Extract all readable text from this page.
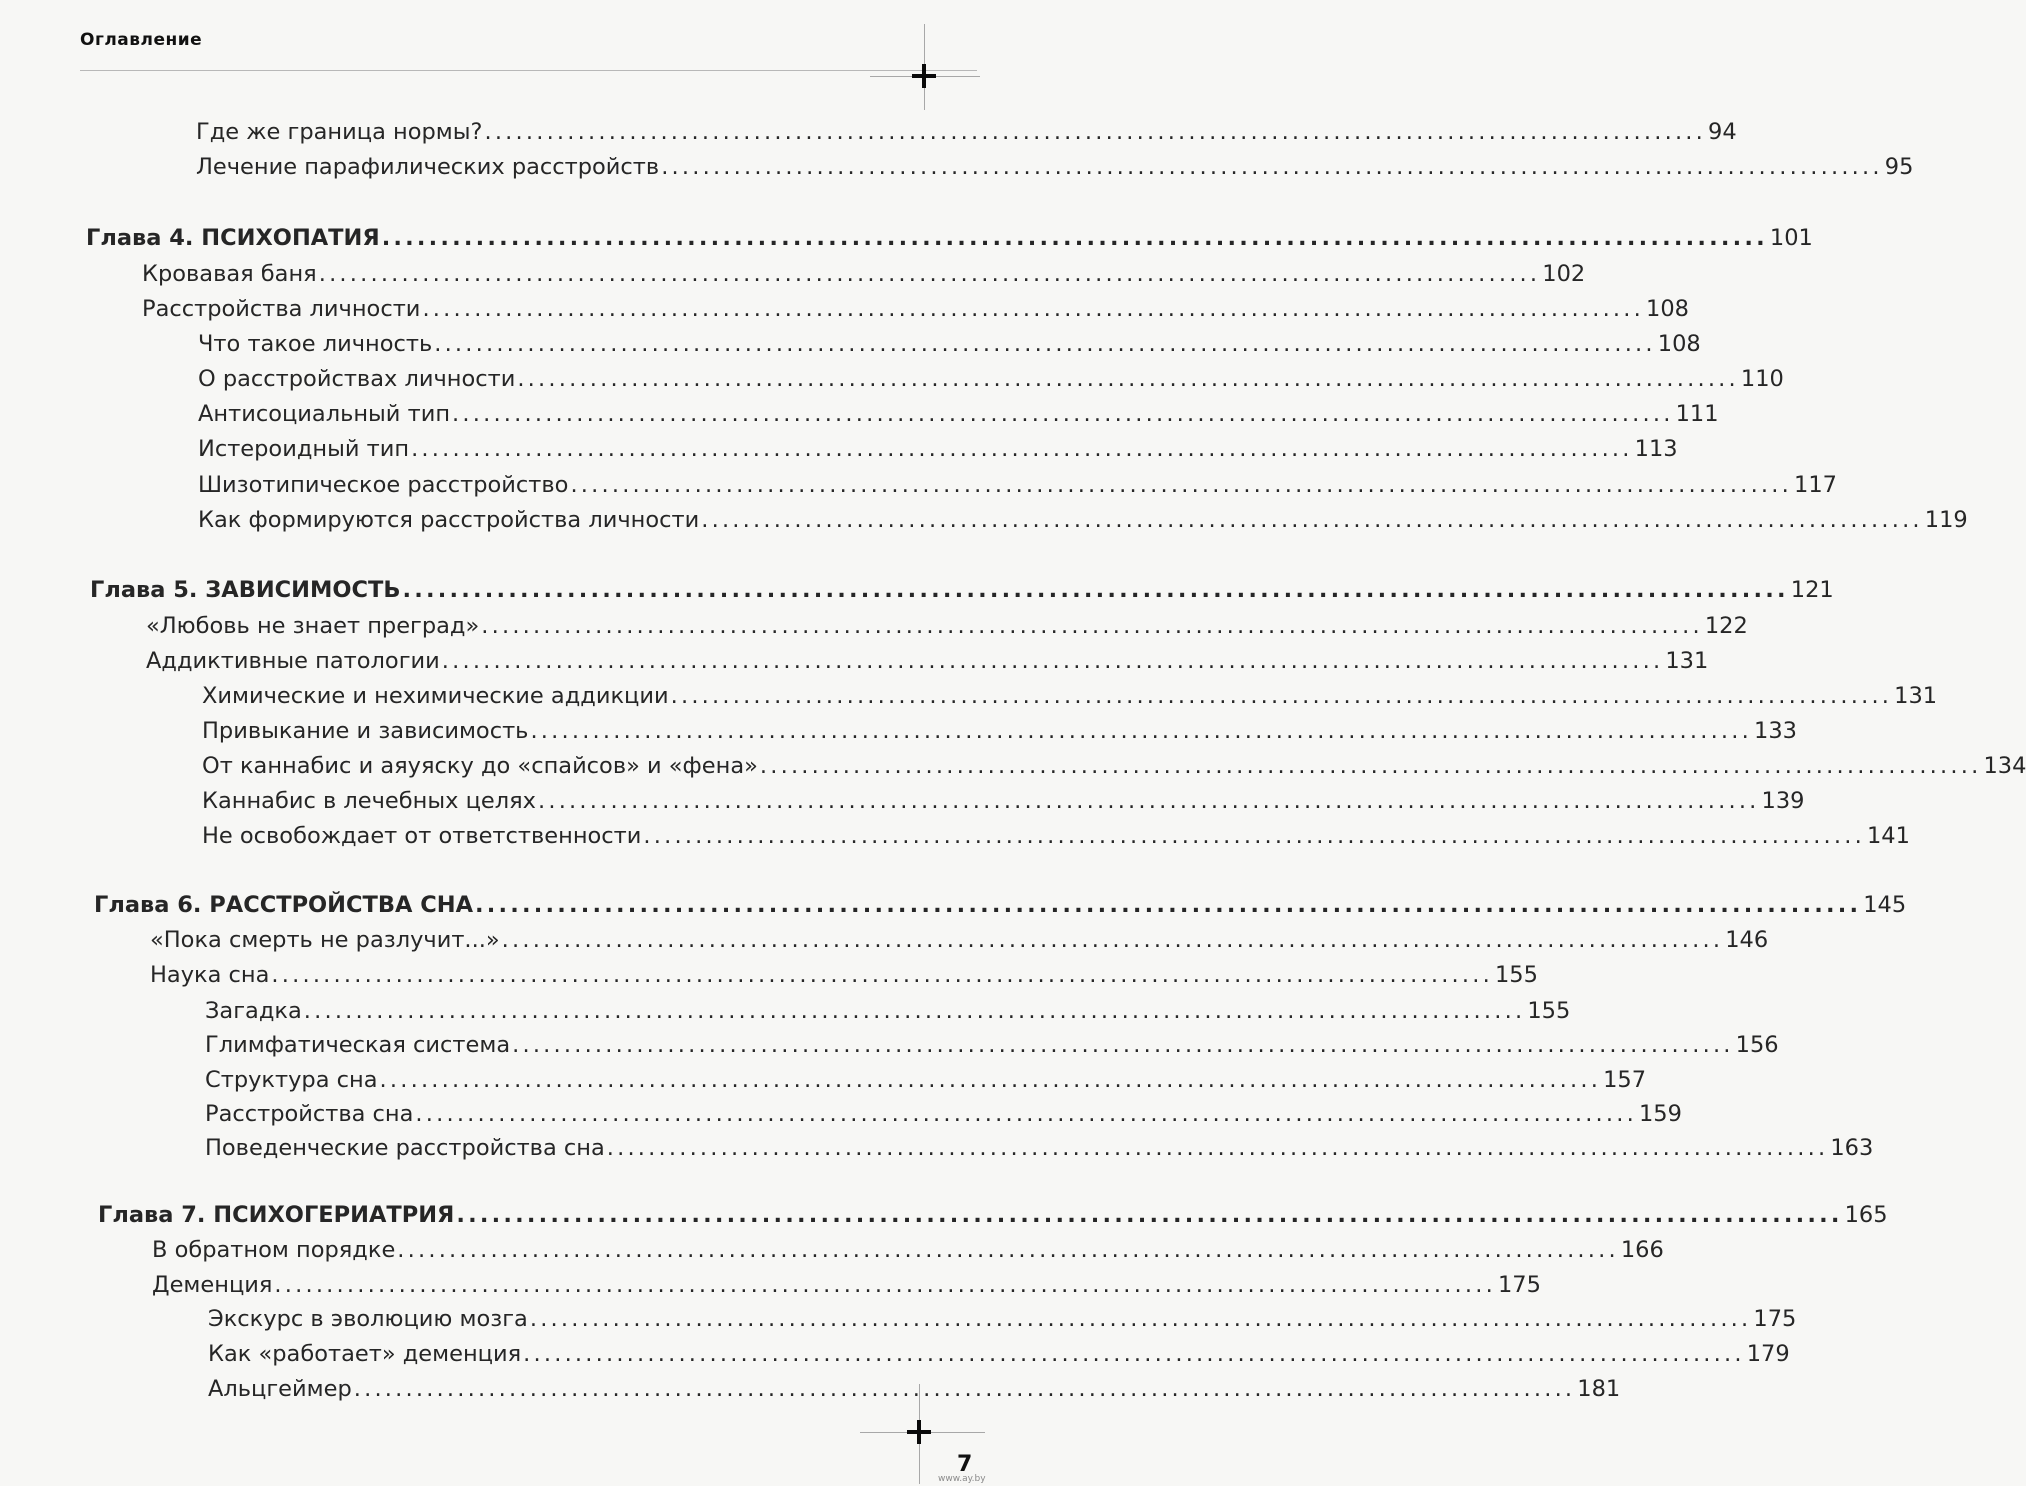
Оглавление
Где же граница нормы? ...................................................................................................................... 94
Лечение парафилических расстройств ...................................................................................................................... 95
Глава 4. ПСИХОПАТИЯ ...................................................................................................................... 101
Кровавая баня ...................................................................................................................... 102
Расстройства личности ...................................................................................................................... 108
Что такое личность ...................................................................................................................... 108
О расстройствах личности ...................................................................................................................... 110
Антисоциальный тип ...................................................................................................................... 111
Истероидный тип ...................................................................................................................... 113
Шизотипическое расстройство ...................................................................................................................... 117
Как формируются расстройства личности ...................................................................................................................... 119
Глава 5. ЗАВИСИМОСТЬ ...................................................................................................................... 121
«Любовь не знает преград» ...................................................................................................................... 122
Аддиктивные патологии ...................................................................................................................... 131
Химические и нехимические аддикции ...................................................................................................................... 131
Привыкание и зависимость ...................................................................................................................... 133
От каннабис и аяуяску до «спайсов» и «фена» ...................................................................................................................... 134
Каннабис в лечебных целях ...................................................................................................................... 139
Не освобождает от ответственности ...................................................................................................................... 141
Глава 6. РАССТРОЙСТВА СНА ...................................................................................................................... 145
«Пока смерть не разлучит...» ...................................................................................................................... 146
Наука сна ...................................................................................................................... 155
Загадка ...................................................................................................................... 155
Глимфатическая система ...................................................................................................................... 156
Структура сна ...................................................................................................................... 157
Расстройства сна ...................................................................................................................... 159
Поведенческие расстройства сна ...................................................................................................................... 163
Глава 7. ПСИХОГЕРИАТРИЯ ...................................................................................................................... 165
В обратном порядке ...................................................................................................................... 166
Деменция ...................................................................................................................... 175
Экскурс в эволюцию мозга ...................................................................................................................... 175
Как «работает» деменция ...................................................................................................................... 179
Альцгеймер ...................................................................................................................... 181
7
www.ay.by
